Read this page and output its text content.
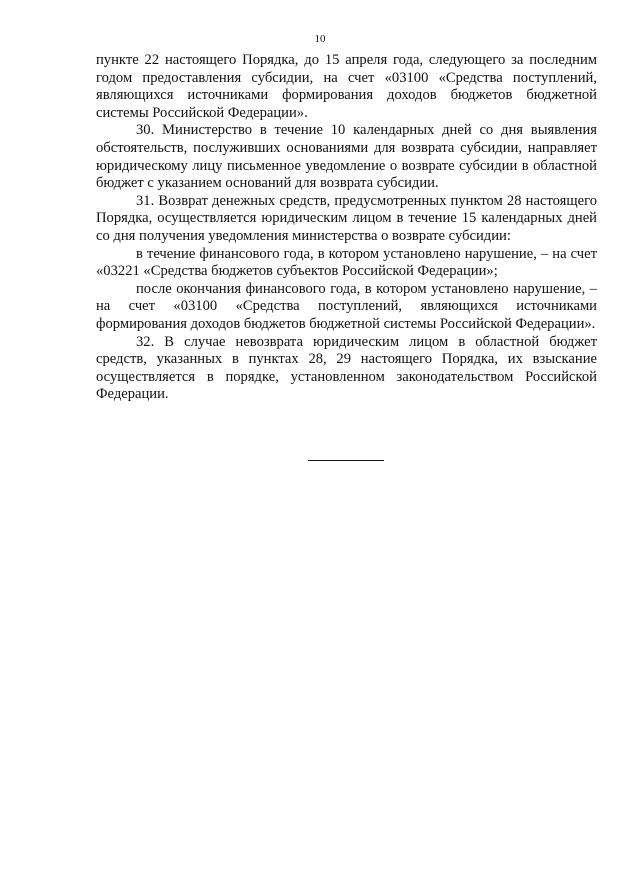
10

пункте 22 настоящего Порядка, до 15 апреля года, следующего за последним годом предоставления субсидии, на счет «03100 «Средства поступлений, являющихся источниками формирования доходов бюджетов бюджетной системы Российской Федерации».

30. Министерство в течение 10 календарных дней со дня выявления обстоятельств, послуживших основаниями для возврата субсидии, направляет юридическому лицу письменное уведомление о возврате субсидии в областной бюджет с указанием оснований для возврата субсидии.

31. Возврат денежных средств, предусмотренных пунктом 28 настоящего Порядка, осуществляется юридическим лицом в течение 15 календарных дней со дня получения уведомления министерства о возврате субсидии:

в течение финансового года, в котором установлено нарушение, – на счет «03221 «Средства бюджетов субъектов Российской Федерации»;

после окончания финансового года, в котором установлено нарушение, – на счет «03100 «Средства поступлений, являющихся источниками формирования доходов бюджетов бюджетной системы Российской Федерации».

32. В случае невозврата юридическим лицом в областной бюджет средств, указанных в пунктах 28, 29 настоящего Порядка, их взыскание осуществляется в порядке, установленном законодательством Российской Федерации.
